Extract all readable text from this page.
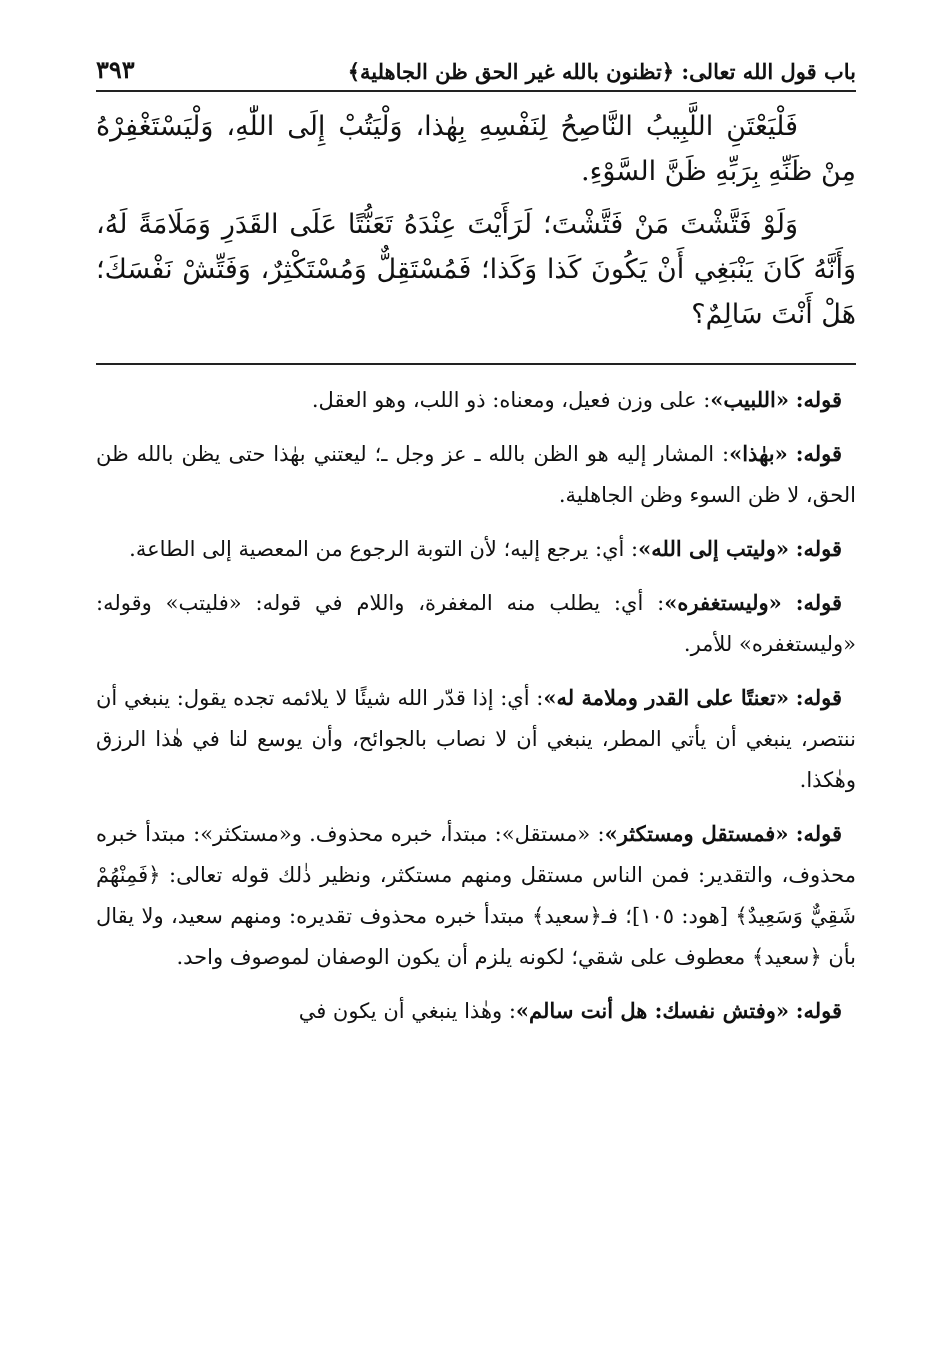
باب قول الله تعالى: ﴿تظنون بالله غير الحق ظن الجاهلية﴾
٣٩٣

فَلْيَعْتَنِ اللَّبِيبُ النَّاصِحُ لِنَفْسِهِ بِهٰذا، وَلْيَتُبْ إِلَى اللّٰهِ، وَلْيَسْتَغْفِرْهُ مِنْ ظَنِّهِ بِرَبِّهِ ظَنَّ السَّوْءِ.

وَلَوْ فَتَّشْتَ مَنْ فَتَّشْتَ؛ لَرَأَيْتَ عِنْدَهُ تَعَنُّتًا عَلَى القَدَرِ وَمَلَامَةً لَهُ، وَأَنَّهُ كَانَ يَنْبَغِي أَنْ يَكُونَ كَذا وَكَذا؛ فَمُسْتَقِلٌّ وَمُسْتَكْثِرٌ، وَفَتِّشْ نَفْسَكَ؛ هَلْ أَنْتَ سَالِمٌ؟

قوله: «اللبيب»: على وزن فعيل، ومعناه: ذو اللب، وهو العقل.

قوله: «بهٰذا»: المشار إليه هو الظن بالله ـ عز وجل ـ؛ ليعتني بهٰذا حتى يظن بالله ظن الحق، لا ظن السوء وظن الجاهلية.

قوله: «وليتب إلى الله»: أي: يرجع إليه؛ لأن التوبة الرجوع من المعصية إلى الطاعة.

قوله: «وليستغفره»: أي: يطلب منه المغفرة، واللام في قوله: «فليتب» وقوله: «وليستغفره» للأمر.

قوله: «تعنتًا على القدر وملامة له»: أي: إذا قدّر الله شيئًا لا يلائمه تجده يقول: ينبغي أن ننتصر، ينبغي أن يأتي المطر، ينبغي أن لا نصاب بالجوائح، وأن يوسع لنا في هٰذا الرزق وهٰكذا.

قوله: «فمستقل ومستكثر»: «مستقل»: مبتدأ، خبره محذوف. و«مستكثر»: مبتدأ خبره محذوف، والتقدير: فمن الناس مستقل ومنهم مستكثر، ونظير ذٰلك قوله تعالى: ﴿فَمِنْهُمْ شَقِيٌّ وَسَعِيدٌ﴾ [هود: ١٠٥]؛ فـ﴿سعيد﴾ مبتدأ خبره محذوف تقديره: ومنهم سعيد، ولا يقال بأن ﴿سعيد﴾ معطوف على شقي؛ لكونه يلزم أن يكون الوصفان لموصوف واحد.

قوله: «وفتش نفسك: هل أنت سالم»: وهٰذا ينبغي أن يكون في
